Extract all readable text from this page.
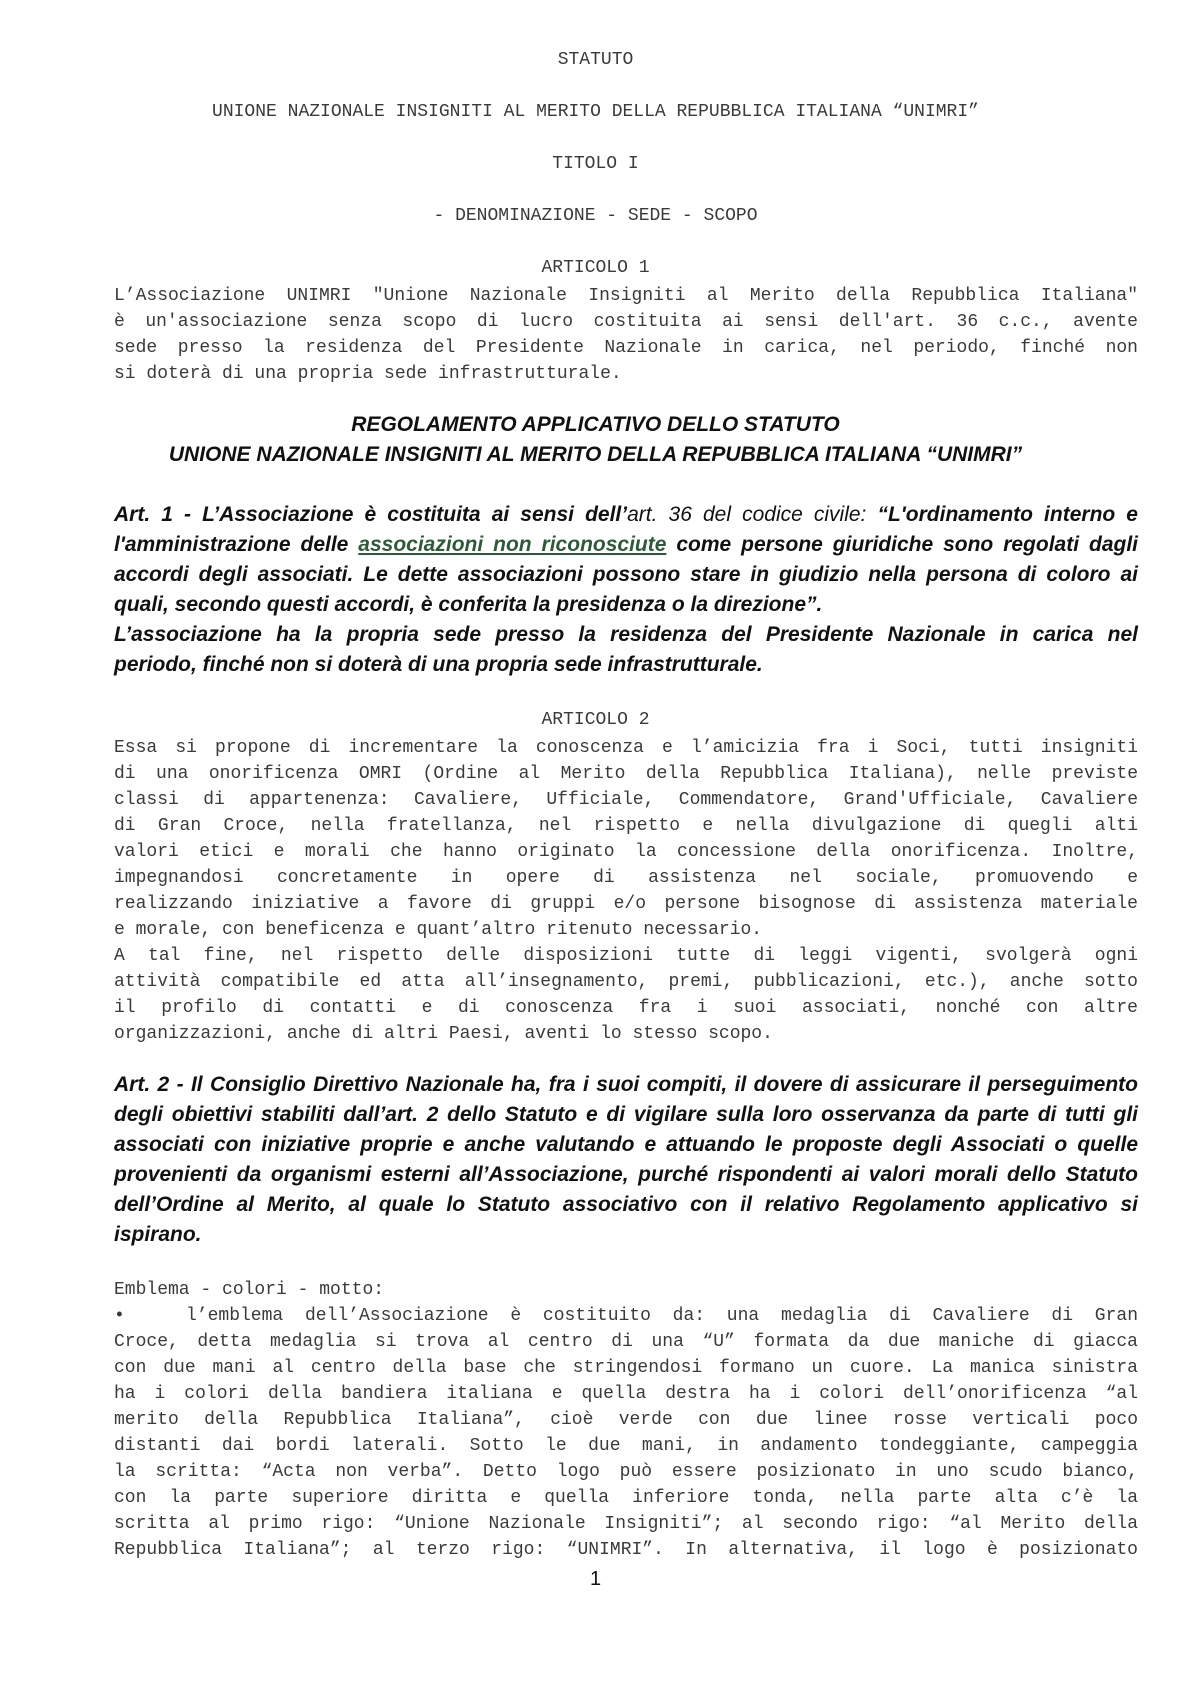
STATUTO
UNIONE NAZIONALE INSIGNITI AL MERITO DELLA REPUBBLICA ITALIANA “UNIMRI”
TITOLO I
- DENOMINAZIONE - SEDE - SCOPO
ARTICOLO 1
L’Associazione UNIMRI "Unione Nazionale Insigniti al Merito della Repubblica Italiana"
è un'associazione senza scopo di lucro costituita ai sensi dell'art. 36 c.c., avente
sede presso la residenza del Presidente Nazionale in carica, nel periodo, finché non
si doterà di una propria sede infrastrutturale.
REGOLAMENTO APPLICATIVO DELLO STATUTO
UNIONE NAZIONALE INSIGNITI AL MERITO DELLA REPUBBLICA ITALIANA “UNIMRI”
Art. 1 - L’Associazione è costituita ai sensi dell’art. 36 del codice civile: “L'ordinamento interno e
l'amministrazione delle associazioni non riconosciute come persone giuridiche sono regolati dagli
accordi degli associati. Le dette associazioni possono stare in giudizio nella persona di coloro ai
quali, secondo questi accordi, è conferita la presidenza o la direzione”.
L’associazione ha la propria sede presso la residenza del Presidente Nazionale in carica nel
periodo, finché non si doterà di una propria sede infrastrutturale.
ARTICOLO 2
Essa si propone di incrementare la conoscenza e l’amicizia fra i Soci, tutti insigniti
di una onorificenza OMRI (Ordine al Merito della Repubblica Italiana), nelle previste
classi di appartenenza: Cavaliere, Ufficiale, Commendatore, Grand'Ufficiale, Cavaliere
di Gran Croce, nella fratellanza, nel rispetto e nella divulgazione di quegli alti
valori etici e morali che hanno originato la concessione della onorificenza. Inoltre,
impegnandosi concretamente in opere di assistenza nel sociale, promuovendo e
realizzando iniziative a favore di gruppi e/o persone bisognose di assistenza materiale
e morale, con beneficenza e quant’altro ritenuto necessario.
A tal fine, nel rispetto delle disposizioni tutte di leggi vigenti, svolgerà ogni
attività compatibile ed atta all’insegnamento, premi, pubblicazioni, etc.), anche sotto
il profilo di contatti e di conoscenza fra i suoi associati, nonché con altre
organizzazioni, anche di altri Paesi, aventi lo stesso scopo.
Art. 2 - Il Consiglio Direttivo Nazionale ha, fra i suoi compiti, il dovere di assicurare il perseguimento
degli obiettivi stabiliti dall’art. 2 dello Statuto e di vigilare sulla loro osservanza da parte di tutti gli
associati con iniziative proprie e anche valutando e attuando le proposte degli Associati o quelle
provenienti da organismi esterni all’Associazione, purché rispondenti ai valori morali dello Statuto
dell’Ordine al Merito, al quale lo Statuto associativo con il relativo Regolamento applicativo si
ispirano.
Emblema - colori - motto:
•	l’emblema dell’Associazione è costituito da: una medaglia di Cavaliere di Gran
Croce, detta medaglia si trova al centro di una “U” formata da due maniche di giacca
con due mani al centro della base che stringendosi formano un cuore. La manica sinistra
ha i colori della bandiera italiana e quella destra ha i colori dell’onorificenza “al
merito della Repubblica Italiana”, cioè verde con due linee rosse verticali poco
distanti dai bordi laterali. Sotto le due mani, in andamento tondeggiante, campeggia
la scritta: “Acta non verba”. Detto logo può essere posizionato in uno scudo bianco,
con la parte superiore diritta e quella inferiore tonda, nella parte alta c’è la
scritta al primo rigo: “Unione Nazionale Insigniti”; al secondo rigo: “al Merito della
Repubblica Italiana”; al terzo rigo: “UNIMRI”. In alternativa, il logo è posizionato
1
